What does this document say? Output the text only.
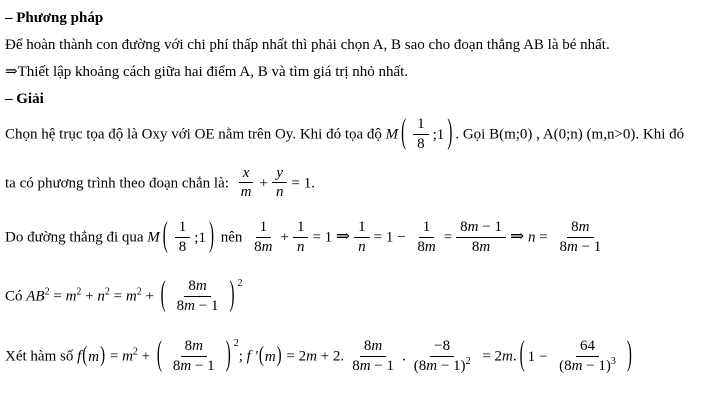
– Phương pháp

Để hoàn thành con đường với chi phí thấp nhất thì phải chọn A, B sao cho đoạn thẳng AB là bé nhất.

⇒Thiết lập khoảng cách giữa hai điểm A, B và tìm giá trị nhỏ nhất.

– Giải

Chọn hệ trục tọa độ là Oxy với OE nằm trên Oy. Khi đó tọa độ M ( $\frac{1}{8}$ ;1 ) . Gọi B(m;0) , A(0;n) (m,n>0). Khi đó

ta có phương trình theo đoạn chắn là: $\frac{x}{m} + \frac{y}{n} = 1$.

Do đường thẳng đi qua M ( $\frac{1}{8}$ ;1 ) nên $\frac{1}{8m} + \frac{1}{n} = 1$ ⇒ $\frac{1}{n} = 1 - \frac{1}{8m} = \frac{8m - 1}{8m}$ ⇒ $n = \frac{8m}{8m - 1}$

Có $AB^2 = m^2 + n^2 = m^2$ + ( $\frac{8m}{8m - 1}$ ) $^2$

Xét hàm số $f(m) = m^2$ + ( $\frac{8m}{8m - 1}$ ) $^2$; f ′(m) = 2m + 2. $\frac{8m}{8m - 1}$ . $\frac{-8}{(8m - 1)^2} = 2m$. ( $1 - \frac{64}{(8m - 1)^3}$ )
